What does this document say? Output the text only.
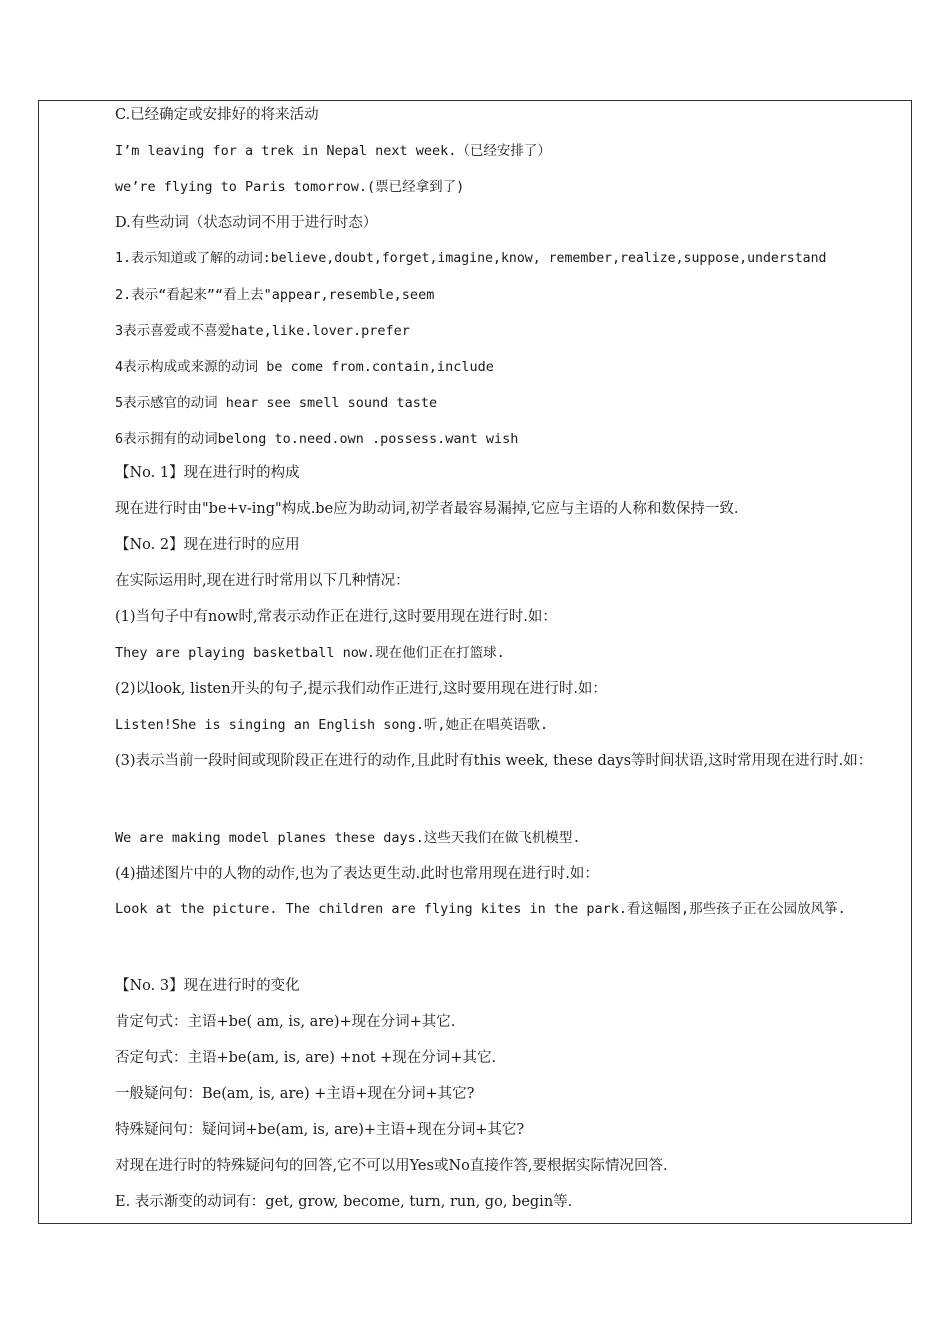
C.已经确定或安排好的将来活动
I’m leaving for a trek in Nepal next week.（已经安排了）
we’re flying to Paris tomorrow.(票已经拿到了)
D.有些动词（状态动词不用于进行时态）
1.表示知道或了解的动词:believe,doubt,forget,imagine,know, remember,realize,suppose,understand
2.表示“看起来”“看上去"appear,resemble,seem
3表示喜爱或不喜爱hate,like.lover.prefer
4表示构成或来源的动词 be come from.contain,include
5表示感官的动词 hear see smell sound taste
6表示拥有的动词belong to.need.own .possess.want wish
【No. 1】现在进行时的构成
现在进行时由"be+v-ing"构成.be应为助动词,初学者最容易漏掉,它应与主语的人称和数保持一致.
【No. 2】现在进行时的应用
在实际运用时,现在进行时常用以下几种情况：
(1)当句子中有now时,常表示动作正在进行,这时要用现在进行时.如：
They are playing basketball now.现在他们正在打篮球.
(2)以look, listen开头的句子,提示我们动作正进行,这时要用现在进行时.如：
Listen!She is singing an English song.听,她正在唱英语歌.
(3)表示当前一段时间或现阶段正在进行的动作,且此时有this week, these days等时间状语,这时常用现在进行时.如：
We are making model planes these days.这些天我们在做飞机模型.
(4)描述图片中的人物的动作,也为了表达更生动.此时也常用现在进行时.如：
Look at the picture. The children are flying kites in the park.看这幅图,那些孩子正在公园放风筝.
【No. 3】现在进行时的变化
肯定句式：主语+be( am, is, are)+现在分词+其它.
否定句式：主语+be(am, is, are) +not +现在分词+其它.
一般疑问句：Be(am, is, are) +主语+现在分词+其它?
特殊疑问句：疑问词+be(am, is, are)+主语+现在分词+其它?
对现在进行时的特殊疑问句的回答,它不可以用Yes或No直接作答,要根据实际情况回答.
E. 表示渐变的动词有：get, grow, become, turn, run, go, begin等.
